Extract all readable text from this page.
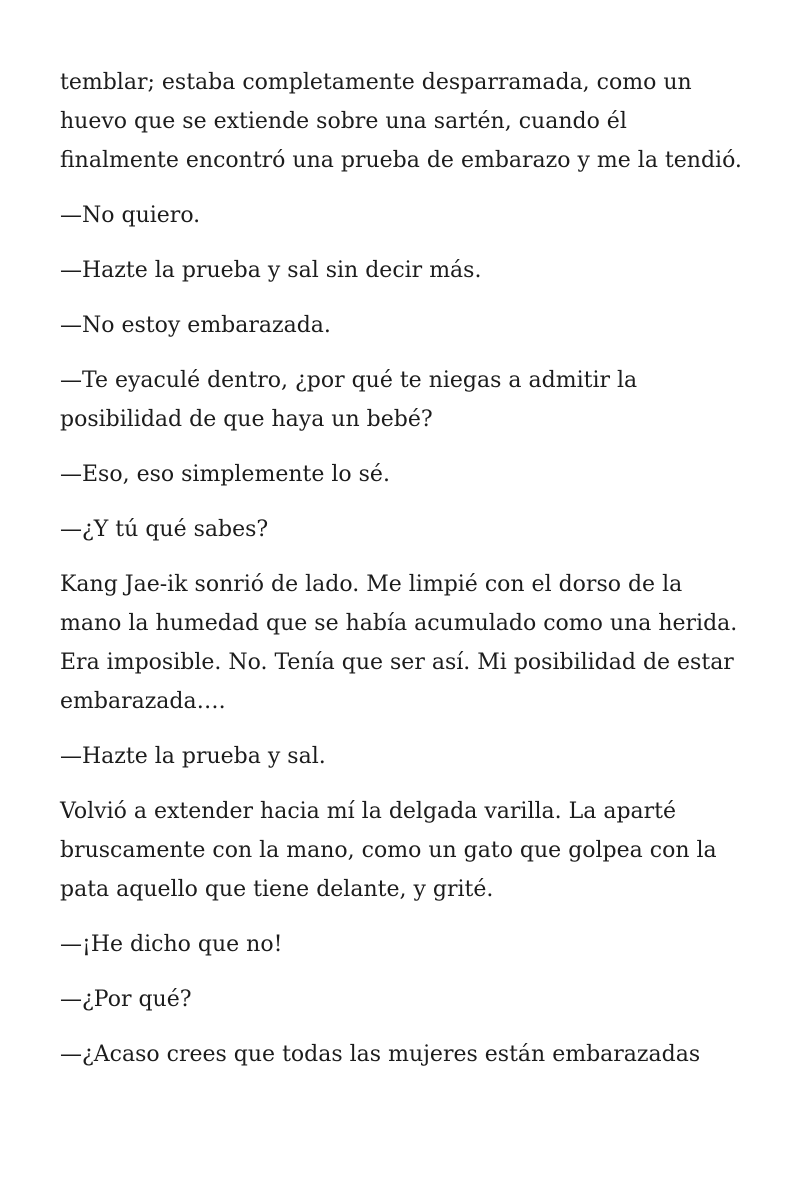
temblar; estaba completamente desparramada, como un huevo que se extiende sobre una sartén, cuando él finalmente encontró una prueba de embarazo y me la tendió.

—No quiero.

—Hazte la prueba y sal sin decir más.

—No estoy embarazada.

—Te eyaculé dentro, ¿por qué te niegas a admitir la posibilidad de que haya un bebé?

—Eso, eso simplemente lo sé.

—¿Y tú qué sabes?

Kang Jae-ik sonrió de lado. Me limpié con el dorso de la mano la humedad que se había acumulado como una herida. Era imposible. No. Tenía que ser así. Mi posibilidad de estar embarazada….

—Hazte la prueba y sal.

Volvió a extender hacia mí la delgada varilla. La aparté bruscamente con la mano, como un gato que golpea con la pata aquello que tiene delante, y grité.

—¡He dicho que no!

—¿Por qué?

—¿Acaso crees que todas las mujeres están embarazadas
